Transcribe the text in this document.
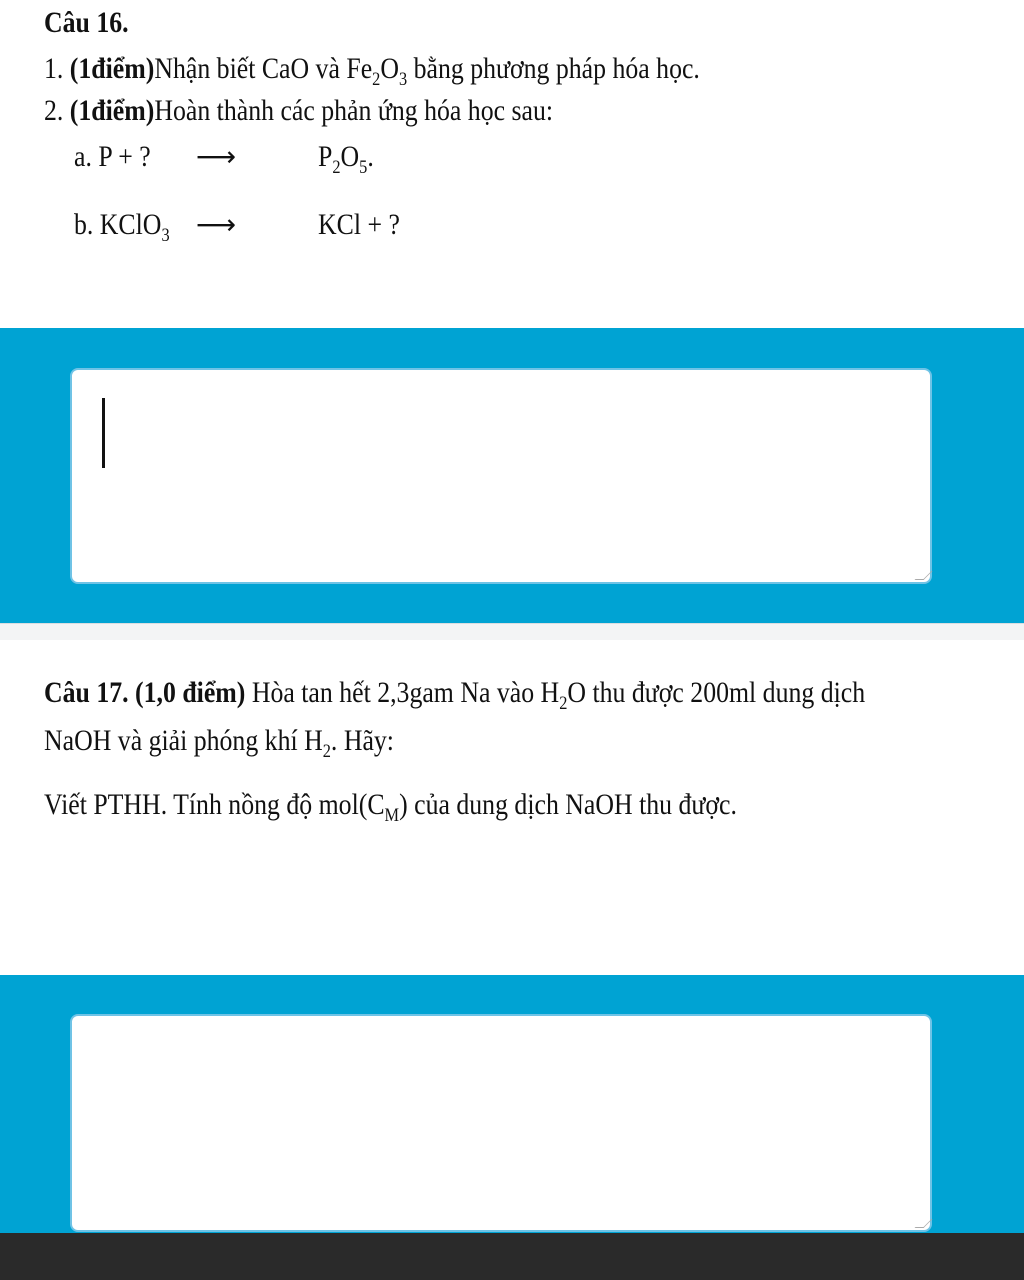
Câu 16.
1. (1điểm)Nhận biết CaO và $Fe_2O_3$ bằng phương pháp hóa học.
2. (1điểm)Hoàn thành các phản ứng hóa học sau:
a. P + ? ⟶	$P_2O_5$.
b. KClO$_3$ ⟶	KCl + ?
Câu 17. (1,0 điểm) Hòa tan hết 2,3gam Na vào $H_2O$ thu được 200ml dung dịch
NaOH và giải phóng khí $H_2$. Hãy:
Viết PTHH. Tính nồng độ $mol(C_M)$ của dung dịch NaOH thu được.
